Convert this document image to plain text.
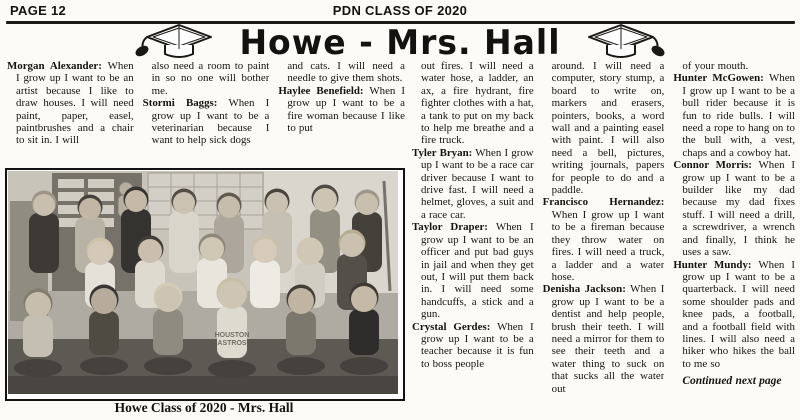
PAGE 12	PDN CLASS OF 2020
Howe - Mrs. Hall

Morgan Alexander: When I grow up I want to be an artist because I like to draw houses. I will need paint, paper, easel, paintbrushes and a chair to sit in. I will

also need a room to paint in so no one will bother me.

Stormi Baggs: When I grow up I want to be a veterinarian because I want to help sick dogs

and cats. I will need a needle to give them shots.

Haylee Benefield: When I grow up I want to be a fire woman because I like to put

out fires. I will need a water hose, a ladder, an ax, a fire hydrant, fire fighter clothes with a hat, a tank to put on my back to help me breathe and a fire truck.

Tyler Bryan: When I grow up I want to be a race car driver because I want to drive fast. I will need a helmet, gloves, a suit and a race car.

Taylor Draper: When I grow up I want to be an officer and put bad guys in jail and when they get out, I will put them back in. I will need some handcuffs, a stick and a gun.

Crystal Gerdes: When I grow up I want to be a teacher because it is fun to boss people

around. I will need a computer, story stump, a board to write on, markers and erasers, pointers, books, a word wall and a painting easel with paint. I will also need a bell, pictures, writing journals, papers for people to do and a paddle.

Francisco Hernandez: When I grow up I want to be a fireman because they throw water on fires. I will need a truck, a ladder and a water hose.

Denisha Jackson: When I grow up I want to be a dentist and help people, brush their teeth. I will need a mirror for them to see their teeth and a water thing to suck on that sucks all the water out

of your mouth.

Hunter McGowen: When I grow up I want to be a bull rider because it is fun to ride bulls. I will need a rope to hang on to the bull with, a vest, chaps and a cowboy hat.

Connor Morris: When I grow up I want to be a builder like my dad because my dad fixes stuff. I will need a drill, a screwdriver, a wrench and finally, I think he uses a saw.

Hunter Mundy: When I grow up I want to be a quarterback. I will need some shoulder pads and knee pads, a football, and a football field with lines. I will also need a hiker who hikes the ball to me so

Continued next page

HOUSTON
ASTROS
Howe Class of 2020 - Mrs. Hall
